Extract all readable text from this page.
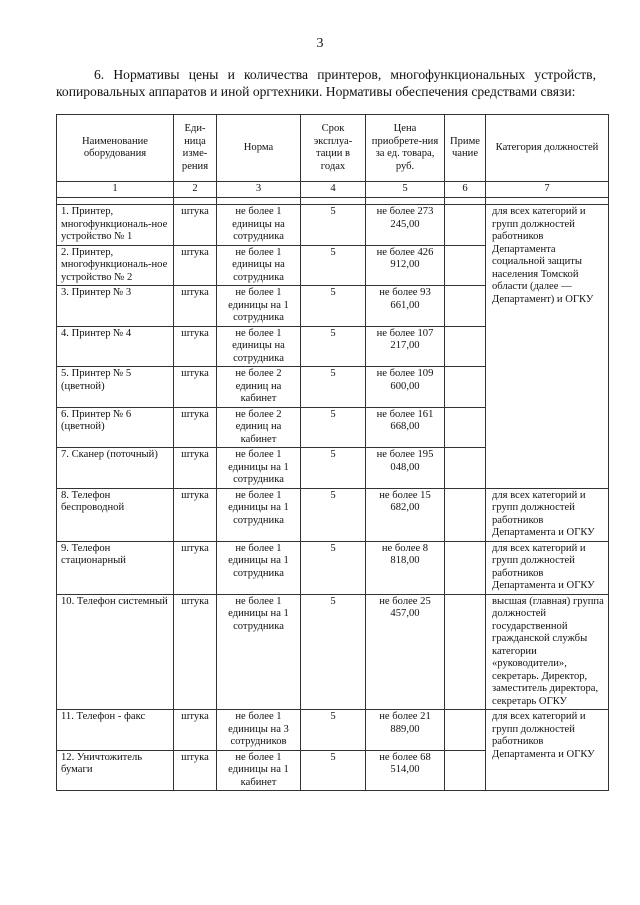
3
6. Нормативы цены и количества принтеров, многофункциональных устройств, копировальных аппаратов и иной оргтехники. Нормативы обеспечения средствами связи:
Наименование оборудования	Еди-ница изме-рения	Норма	Срок эксплуа-тации в годах	Цена приобрете-ния за ед. товара, руб.	Приме чание	Категория должностей
1	2	3	4	5	6	7

1. Принтер, многофункциональ-ное устройство № 1	штука	не более 1 единицы на сотрудника	5	не более 273 245,00		для всех категорий и групп должностей работников Департамента социальной защиты населения Томской области (далее — Департамент) и ОГКУ

2. Принтер, многофункциональ-ное устройство № 2	штука	не более 1 единицы на сотрудника	5	не более 426 912,00		
3. Принтер № 3	штука	не более 1 единицы на 1 сотрудника	5	не более 93 661,00		
4. Принтер № 4	штука	не более 1 единицы на сотрудника	5	не более 107 217,00		
5. Принтер № 5 (цветной)	штука	не более 2 единиц на кабинет	5	не более 109 600,00		
6. Принтер № 6 (цветной)	штука	не более 2 единиц на кабинет	5	не более 161 668,00		
7. Сканер (поточный)	штука	не более 1 единицы на 1 сотрудника	5	не более 195 048,00		
8. Телефон беспроводной	штука	не более 1 единицы на 1 сотрудника	5	не более 15 682,00		для всех категорий и групп должностей работников Департамента и ОГКУ

9. Телефон стационарный	штука	не более 1 единицы на 1 сотрудника	5	не более 8 818,00		для всех категорий и групп должностей работников Департамента и ОГКУ

10. Телефон системный	штука	не более 1 единицы на 1 сотрудника	5	не более 25 457,00		высшая (главная) группа должностей государственной гражданской службы категории «руководители», секретарь. Директор, заместитель директора, секретарь ОГКУ

11. Телефон - факс	штука	не более 1 единицы на 3 сотрудников	5	не более 21 889,00		для всех категорий и групп должностей работников Департамента и ОГКУ

12. Уничтожитель бумаги	штука	не более 1 единицы на 1 кабинет	5	не более 68 514,00		
